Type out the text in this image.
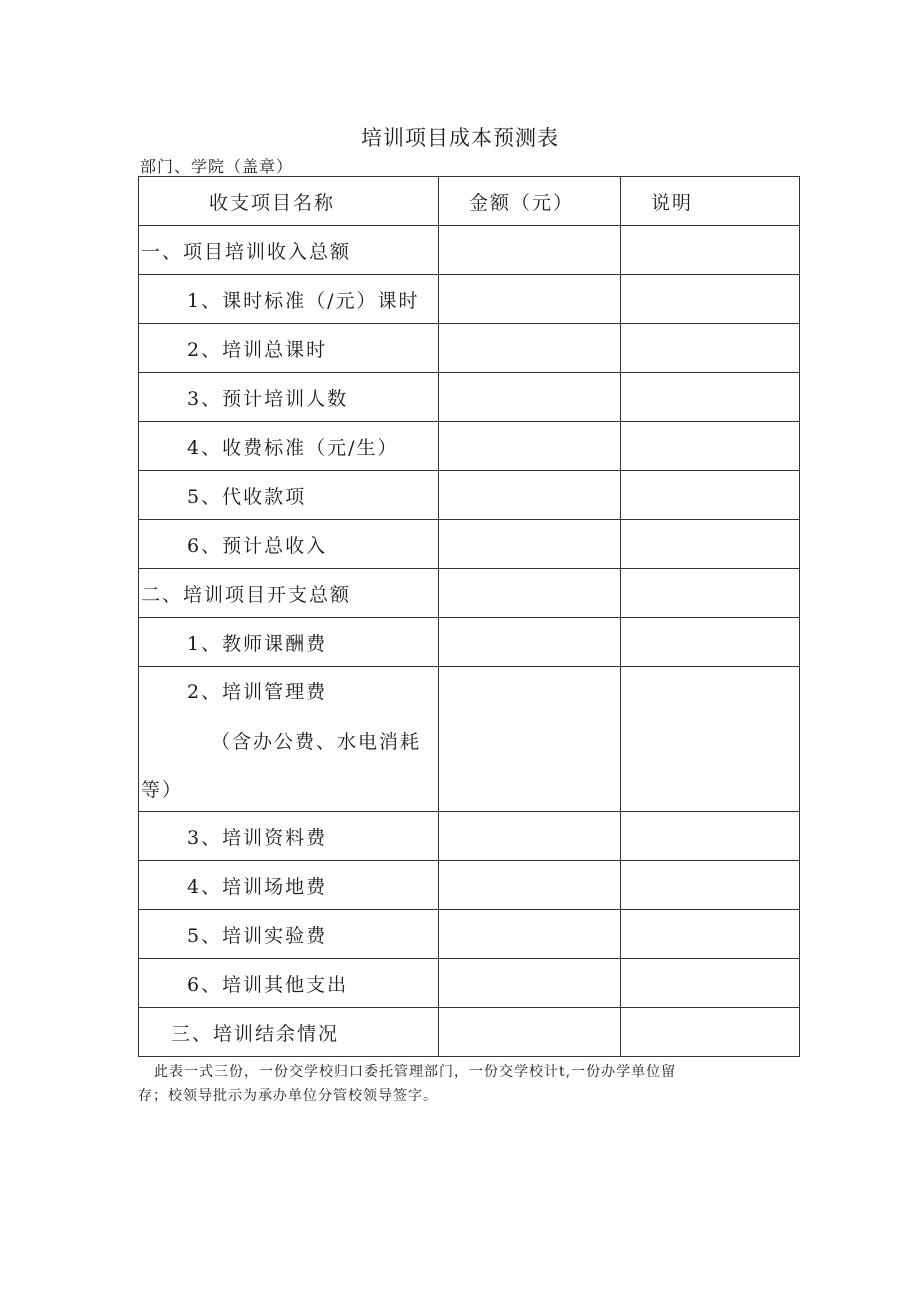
培训项目成本预测表
部门、学院（盖章）
收支项目名称	金额（元）	说明
一、项目培训收入总额		
1、课时标准（/元）课时		
2、培训总课时		
3、预计培训人数		
4、收费标准（元/生）		
5、代收款项		
6、预计总收入		
二、培训项目开支总额		
1、教师课酬费		

2、培训管理费
（含办公费、水电消耗
等）		

3、培训资料费		
4、培训场地费		
5、培训实验费		
6、培训其他支出		
三、培训结余情况		
此表一式三份，一份交学校归口委托管理部门，一份交学校计t,一份办学单位留
存；校领导批示为承办单位分管校领导签字。
